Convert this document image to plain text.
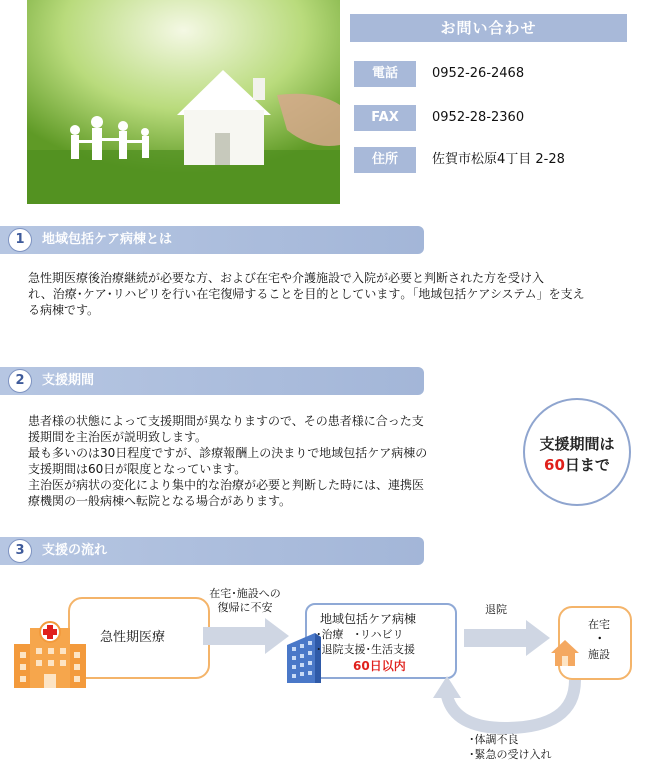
お問い合わせ
電話	0952-26-2468
FAX	0952-28-2360
住所	佐賀市松原4丁目 2-28
1	地域包括ケア病棟とは
急性期医療後治療継続が必要な方、および在宅や介護施設で入院が必要と判断された方を受け入
れ、治療･ケア･リハビリを行い在宅復帰することを目的としています｡「地域包括ケアシステム」を支え
る病棟です。
2	支援期間
患者様の状態によって支援期間が異なりますので、その患者様に合った支
援期間を主治医が説明致します。
最も多いのは30日程度ですが、診療報酬上の決まりで地域包括ケア病棟の
支援期間は60日が限度となっています。
主治医が病状の変化により集中的な治療が必要と判断した時には、連携医
療機関の一般病棟へ転院となる場合があります。
支援期間は
60日まで
3	支援の流れ
急性期医療
在宅･施設への
復帰に不安
地域包括ケア病棟
･治療　･リハビリ
･退院支援･生活支援
60日以内
退院
在宅
･
施設
･体調不良
･緊急の受け入れ
